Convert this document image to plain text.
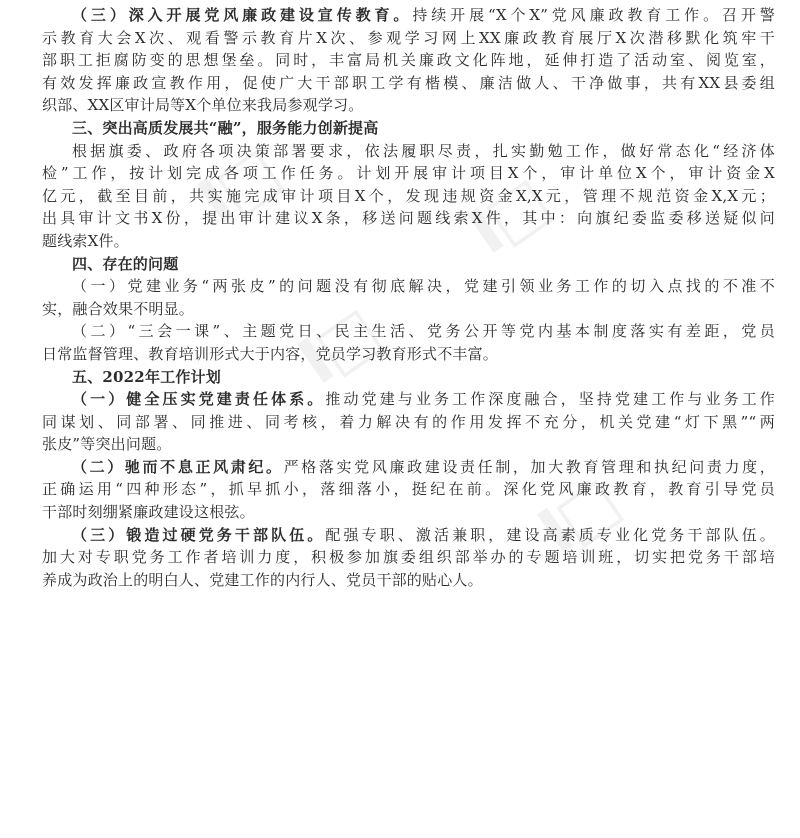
I□	I□
I□
I□
（三）深入开展党风廉政建设宣传教育。持续开展“X个X”党风廉政教育工作。召开警
示教育大会X次、观看警示教育片X次、参观学习网上XX廉政教育展厅X次潜移默化筑牢干
部职工拒腐防变的思想堡垒。同时，丰富局机关廉政文化阵地，延伸打造了活动室、阅览室，
有效发挥廉政宣教作用，促使广大干部职工学有楷模、廉洁做人、干净做事，共有XX县委组
织部、XX区审计局等X个单位来我局参观学习。
三、突出高质发展共“融”，服务能力创新提高
根据旗委、政府各项决策部署要求，依法履职尽责，扎实勤勉工作，做好常态化“经济体
检”工作，按计划完成各项工作任务。计划开展审计项目X个，审计单位X个，审计资金X
亿元，截至目前，共实施完成审计项目X个，发现违规资金X,X元，管理不规范资金X,X元；
出具审计文书X份，提出审计建议X条，移送问题线索X件，其中：向旗纪委监委移送疑似问
题线索X件。
四、存在的问题
（一）党建业务“两张皮”的问题没有彻底解决，党建引领业务工作的切入点找的不准不
实，融合效果不明显。
（二）“三会一课”、主题党日、民主生活、党务公开等党内基本制度落实有差距，党员
日常监督管理、教育培训形式大于内容，党员学习教育形式不丰富。
五、2022年工作计划
（一）健全压实党建责任体系。推动党建与业务工作深度融合，坚持党建工作与业务工作
同谋划、同部署、同推进、同考核，着力解决有的作用发挥不充分，机关党建“灯下黑”“两
张皮”等突出问题。
（二）驰而不息正风肃纪。严格落实党风廉政建设责任制，加大教育管理和执纪问责力度，
正确运用“四种形态”，抓早抓小，落细落小，挺纪在前。深化党风廉政教育，教育引导党员
干部时刻绷紧廉政建设这根弦。
（三）锻造过硬党务干部队伍。配强专职、激活兼职，建设高素质专业化党务干部队伍。
加大对专职党务工作者培训力度，积极参加旗委组织部举办的专题培训班，切实把党务干部培
养成为政治上的明白人、党建工作的内行人、党员干部的贴心人。
